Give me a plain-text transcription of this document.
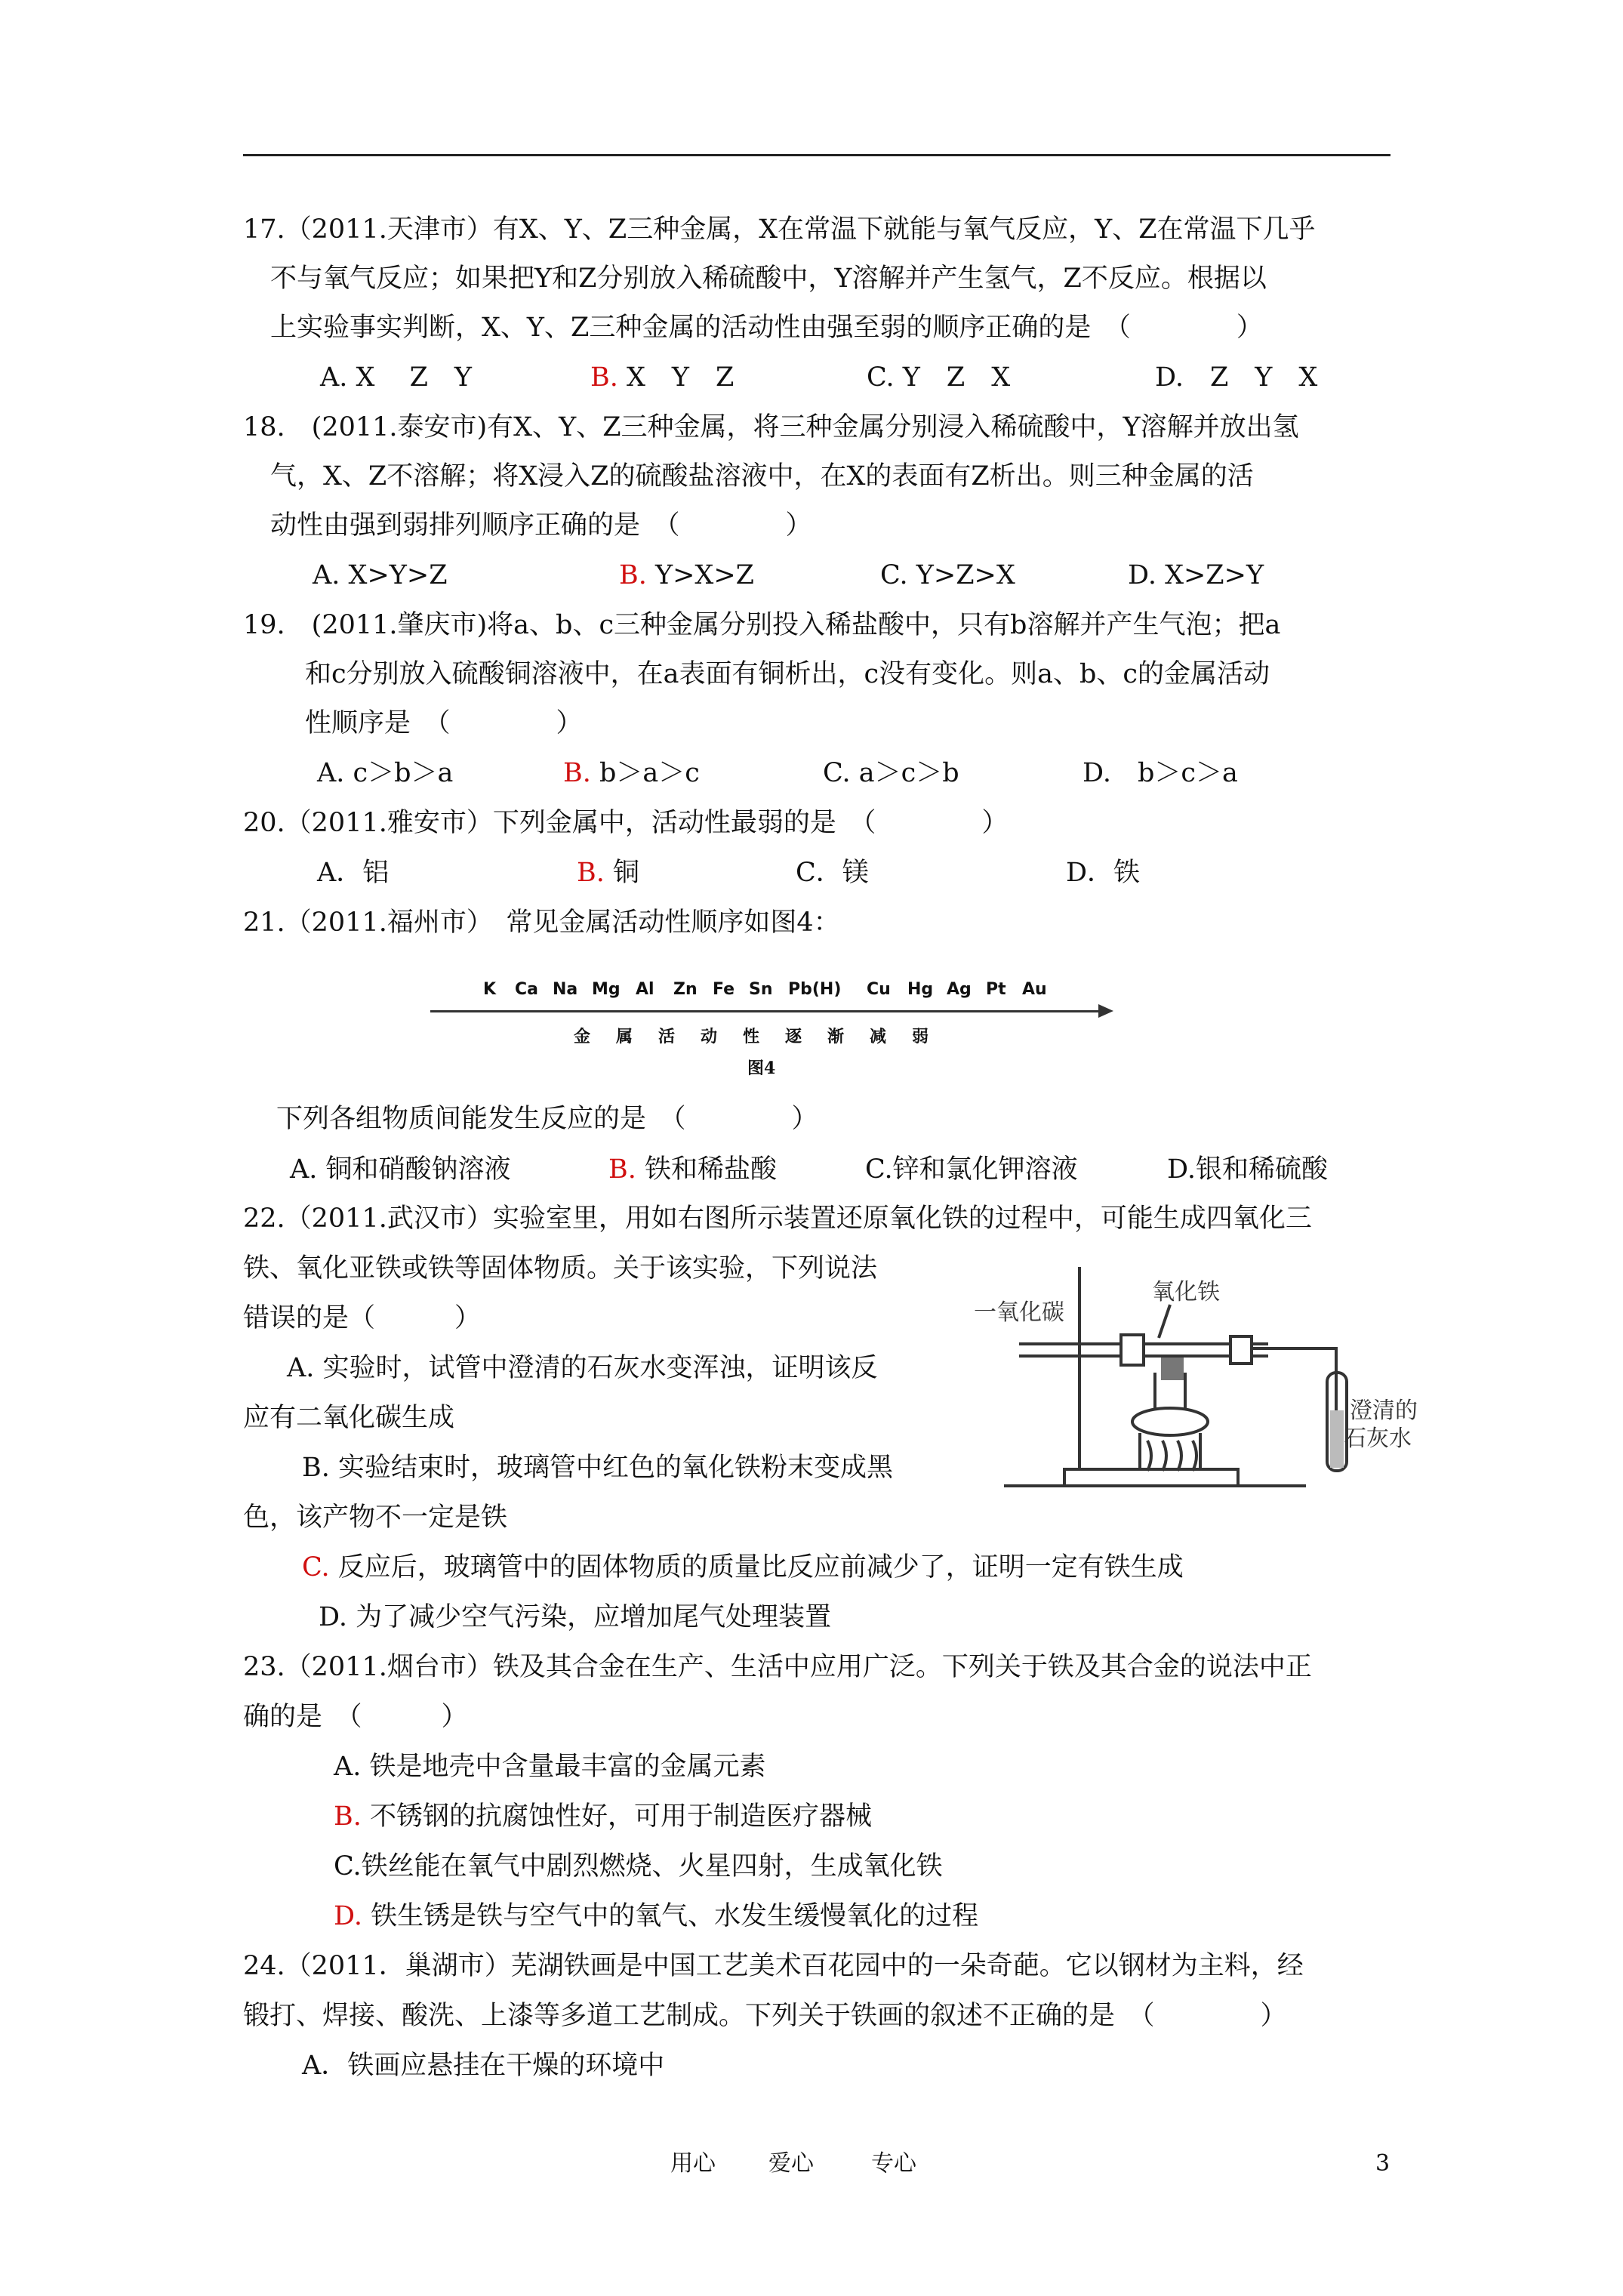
17.（2011.天津市）有X、Y、Z三种金属，X在常温下就能与氧气反应，Y、Z在常温下几乎
不与氧气反应；如果把Y和Z分别放入稀硫酸中，Y溶解并产生氢气，Z不反应。根据以
上实验事实判断，X、Y、Z三种金属的活动性由强至弱的顺序正确的是　（　　　　）
A. X　 Z　Y	B. X　Y　Z	C. Y　Z　X	D.　Z　Y　X
18.　(2011.泰安市)有X、Y、Z三种金属，将三种金属分别浸入稀硫酸中，Y溶解并放出氢
气，X、Z不溶解；将X浸入Z的硫酸盐溶液中，在X的表面有Z析出。则三种金属的活
动性由强到弱排列顺序正确的是　（　　　　）
A. X>Y>Z	B. Y>X>Z	C. Y>Z>X	D. X>Z>Y
19.　(2011.肇庆市)将a、b、c三种金属分别投入稀盐酸中，只有b溶解并产生气泡；把a
和c分别放入硫酸铜溶液中，在a表面有铜析出，c没有变化。则a、b、c的金属活动
性顺序是　（　　　　）
A. c＞b＞a	B. b＞a＞c	C. a＞c＞b	D.　b＞c＞a
20.（2011.雅安市）下列金属中，活动性最弱的是　（　　　　）
A．铝	B. 铜	C．镁	D．铁
21.（2011.福州市）　常见金属活动性顺序如图4：
K Ca Na Mg Al Zn Fe Sn Pb(H) Cu Hg Ag Pt Au
金属活动性逐渐减弱
图4
下列各组物质间能发生反应的是　（　　　　）
A. 铜和硝酸钠溶液	B. 铁和稀盐酸	C.锌和氯化钾溶液	D.银和稀硫酸
22.（2011.武汉市）实验室里，用如右图所示装置还原氧化铁的过程中，可能生成四氧化三
铁、氧化亚铁或铁等固体物质。关于该实验，下列说法
错误的是（　　　）
A. 实验时，试管中澄清的石灰水变浑浊，证明该反
应有二氧化碳生成
B. 实验结束时，玻璃管中红色的氧化铁粉末变成黑
色，该产物不一定是铁
C. 反应后，玻璃管中的固体物质的质量比反应前减少了，证明一定有铁生成
D. 为了减少空气污染，应增加尾气处理装置
一氧化碳
氧化铁
澄清的
石灰水
23.（2011.烟台市）铁及其合金在生产、生活中应用广泛。下列关于铁及其合金的说法中正
确的是　（　　　）
A. 铁是地壳中含量最丰富的金属元素
B. 不锈钢的抗腐蚀性好，可用于制造医疗器械
C.铁丝能在氧气中剧烈燃烧、火星四射，生成氧化铁
D. 铁生锈是铁与空气中的氧气、水发生缓慢氧化的过程
24.（2011．巢湖市）芜湖铁画是中国工艺美术百花园中的一朵奇葩。它以钢材为主料，经
锻打、焊接、酸洗、上漆等多道工艺制成。下列关于铁画的叙述不正确的是　（　　　　）
A．铁画应悬挂在干燥的环境中
用心 爱心	专心	3
